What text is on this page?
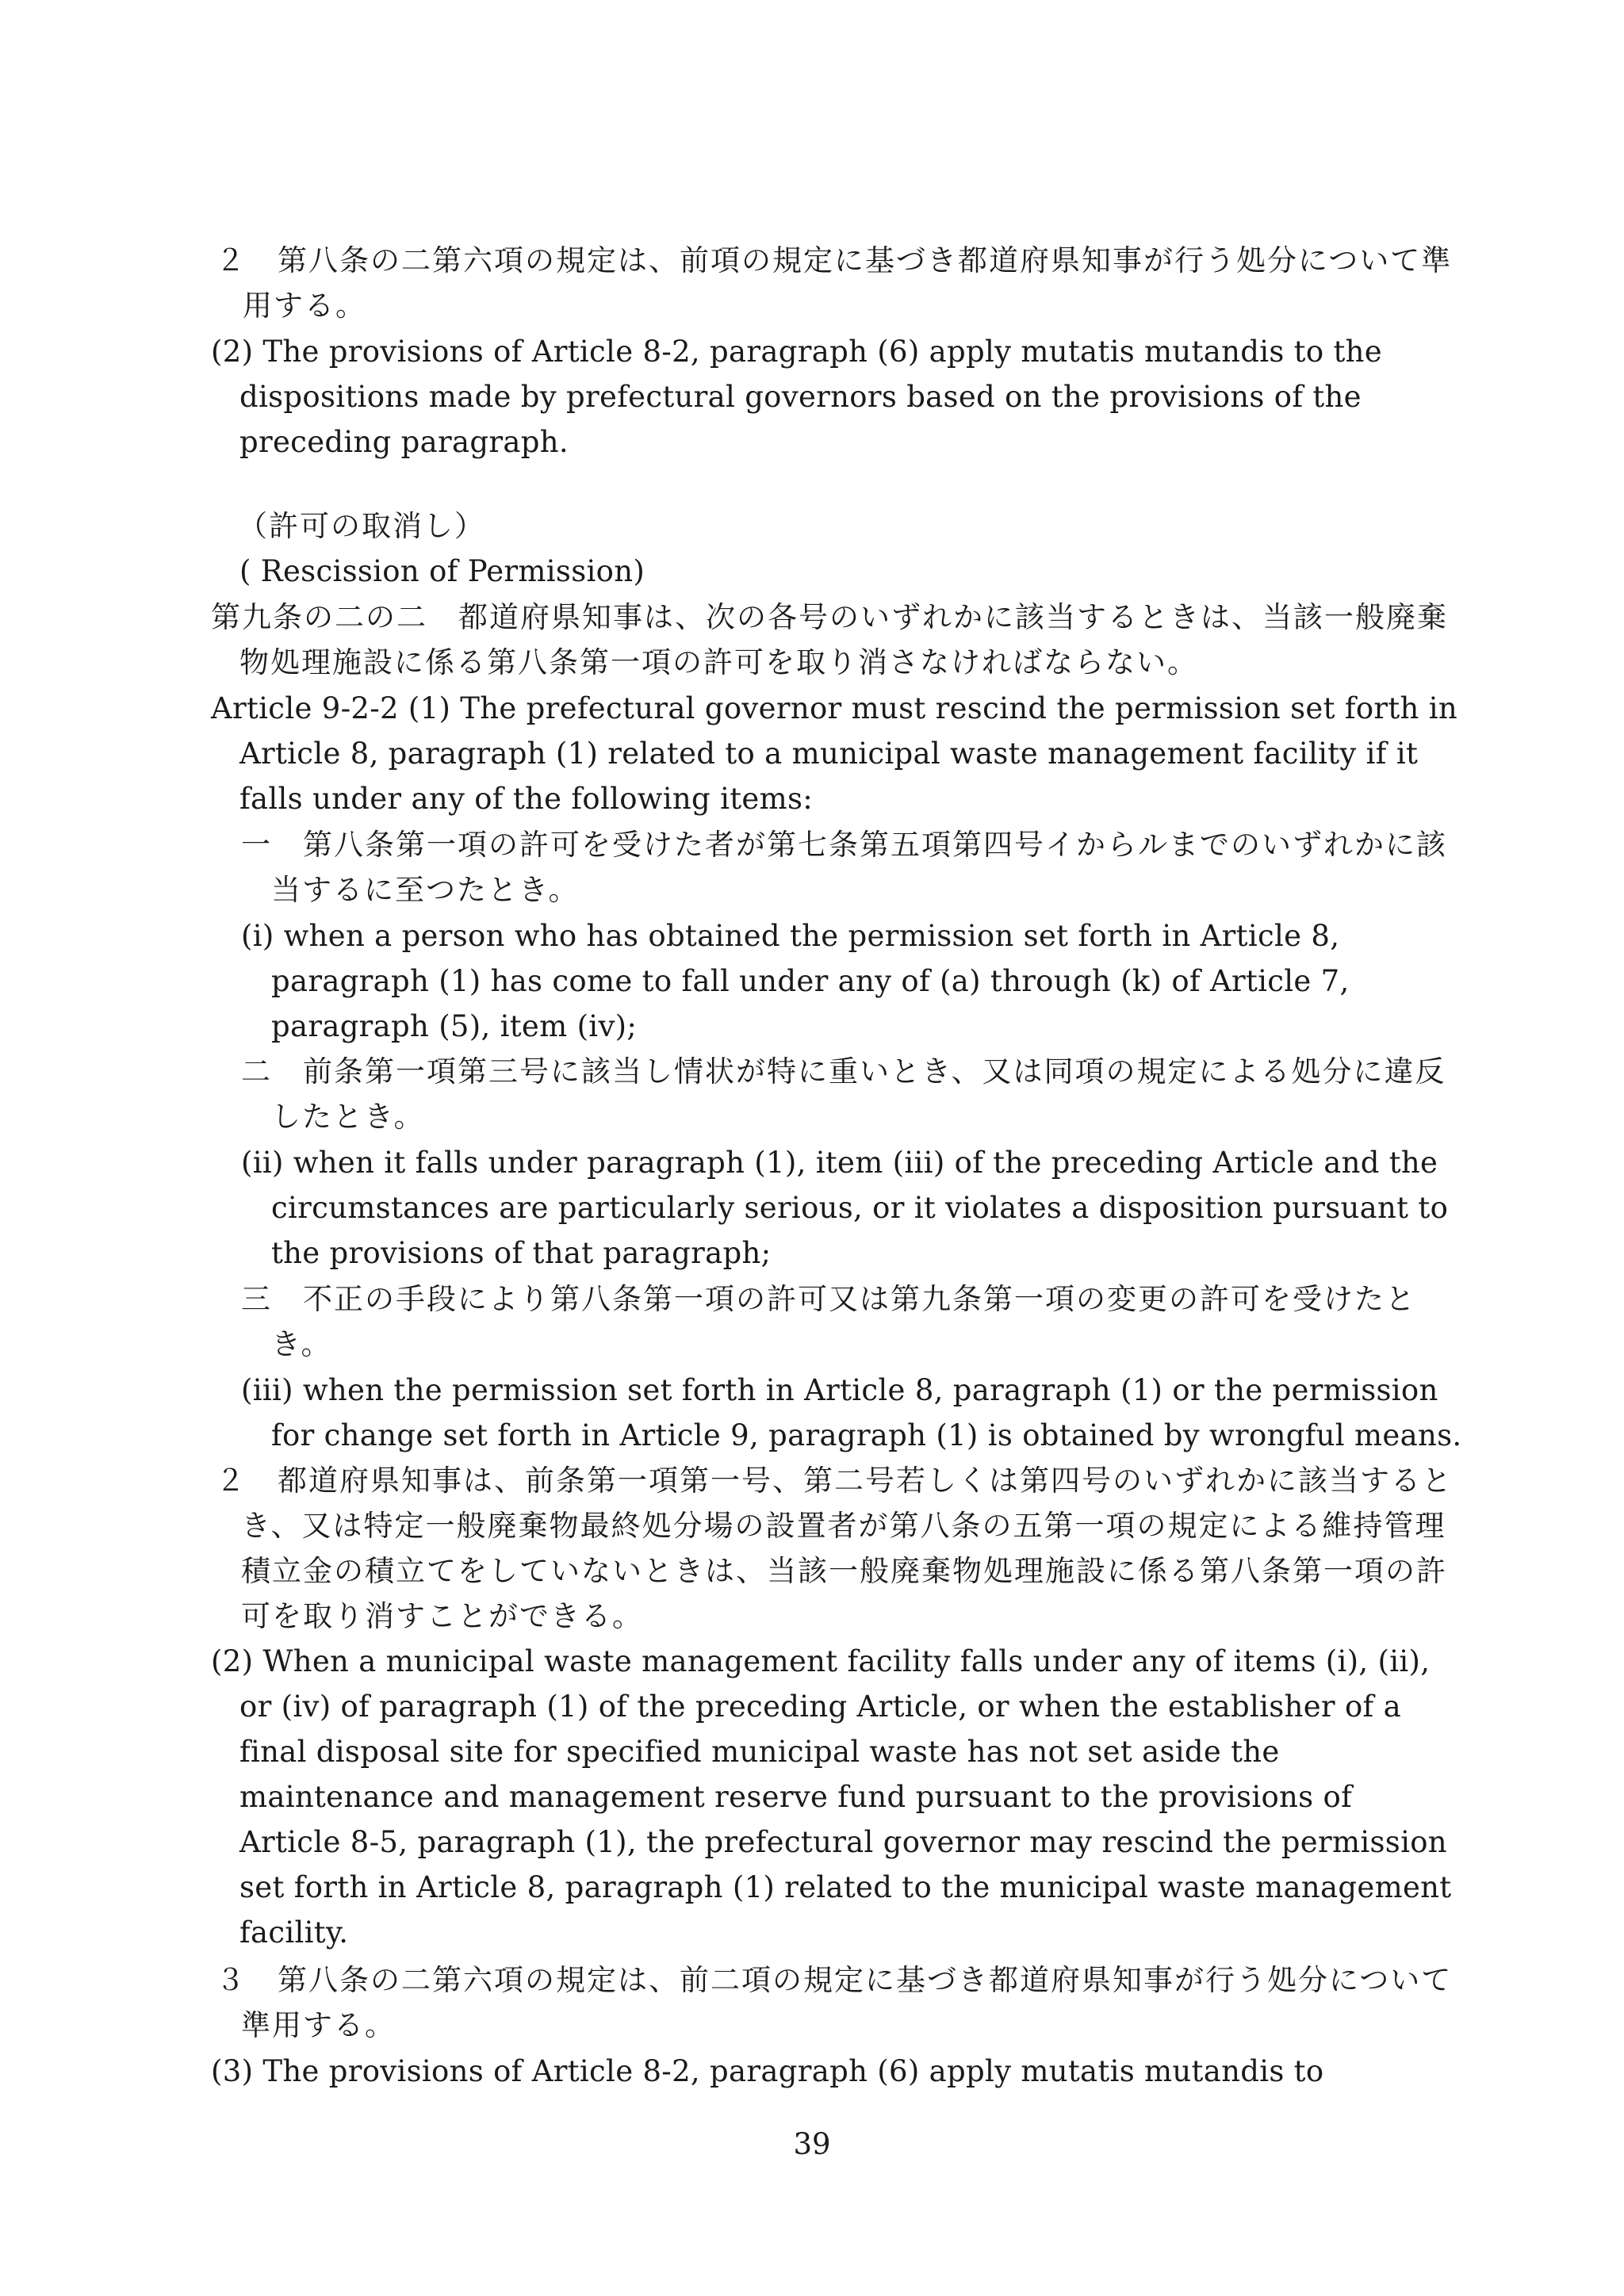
２　第八条の二第六項の規定は、前項の規定に基づき都道府県知事が行う処分について準用する。

(2) The provisions of Article 8-2, paragraph (6) apply mutatis mutandis to the dispositions made by prefectural governors based on the provisions of the preceding paragraph.

（許可の取消し）

( Rescission of Permission)

第九条の二の二　都道府県知事は、次の各号のいずれかに該当するときは、当該一般廃棄物処理施設に係る第八条第一項の許可を取り消さなければならない。

Article 9-2-2 (1) The prefectural governor must rescind the permission set forth in Article 8, paragraph (1) related to a municipal waste management facility if it falls under any of the following items:

一　第八条第一項の許可を受けた者が第七条第五項第四号イからルまでのいずれかに該当するに至つたとき。

(i) when a person who has obtained the permission set forth in Article 8, paragraph (1) has come to fall under any of (a) through (k) of Article 7, paragraph (5), item (iv);

二　前条第一項第三号に該当し情状が特に重いとき、又は同項の規定による処分に違反したとき。

(ii) when it falls under paragraph (1), item (iii) of the preceding Article and the circumstances are particularly serious, or it violates a disposition pursuant to the provisions of that paragraph;

三　不正の手段により第八条第一項の許可又は第九条第一項の変更の許可を受けたとき。

(iii) when the permission set forth in Article 8, paragraph (1) or the permission for change set forth in Article 9, paragraph (1) is obtained by wrongful means.

２　都道府県知事は、前条第一項第一号、第二号若しくは第四号のいずれかに該当するとき、又は特定一般廃棄物最終処分場の設置者が第八条の五第一項の規定による維持管理積立金の積立てをしていないときは、当該一般廃棄物処理施設に係る第八条第一項の許可を取り消すことができる。

(2) When a municipal waste management facility falls under any of items (i), (ii), or (iv) of paragraph (1) of the preceding Article, or when the establisher of a final disposal site for specified municipal waste has not set aside the maintenance and management reserve fund pursuant to the provisions of Article 8-5, paragraph (1), the prefectural governor may rescind the permission set forth in Article 8, paragraph (1) related to the municipal waste management facility.

３　第八条の二第六項の規定は、前二項の規定に基づき都道府県知事が行う処分について準用する。

(3) The provisions of Article 8-2, paragraph (6) apply mutatis mutandis to

39
